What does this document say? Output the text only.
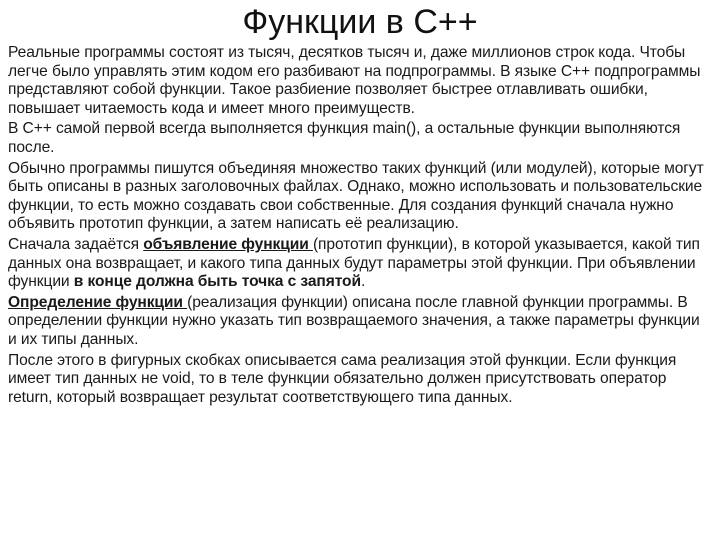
Функции в C++

Реальные программы состоят из тысяч, десятков тысяч и, даже миллионов строк кода. Чтобы легче было управлять этим кодом его разбивают на подпрограммы. В языке C++ подпрограммы представляют собой функции. Такое разбиение позволяет быстрее отлавливать ошибки, повышает читаемость кода и имеет много преимуществ.

В C++ самой первой всегда выполняется функция main(), а остальные функции выполняются после.

Обычно программы пишутся объединяя множество таких функций (или модулей), которые могут быть описаны в разных заголовочных файлах. Однако, можно использовать и пользовательские функции, то есть можно создавать свои собственные. Для создания функций сначала нужно объявить прототип функции, а затем написать её реализацию.

Сначала задаётся объявление функции (прототип функции), в которой указывается, какой тип данных она возвращает, и какого типа данных будут параметры этой функции. При объявлении функции в конце должна быть точка с запятой.

Определение функции (реализация функции) описана после главной функции программы. В определении функции нужно указать тип возвращаемого значения, а также параметры функции и их типы данных.

После этого в фигурных скобках описывается сама реализация этой функции. Если функция имеет тип данных не void, то в теле функции обязательно должен присутствовать оператор return, который возвращает результат соответствующего типа данных.
